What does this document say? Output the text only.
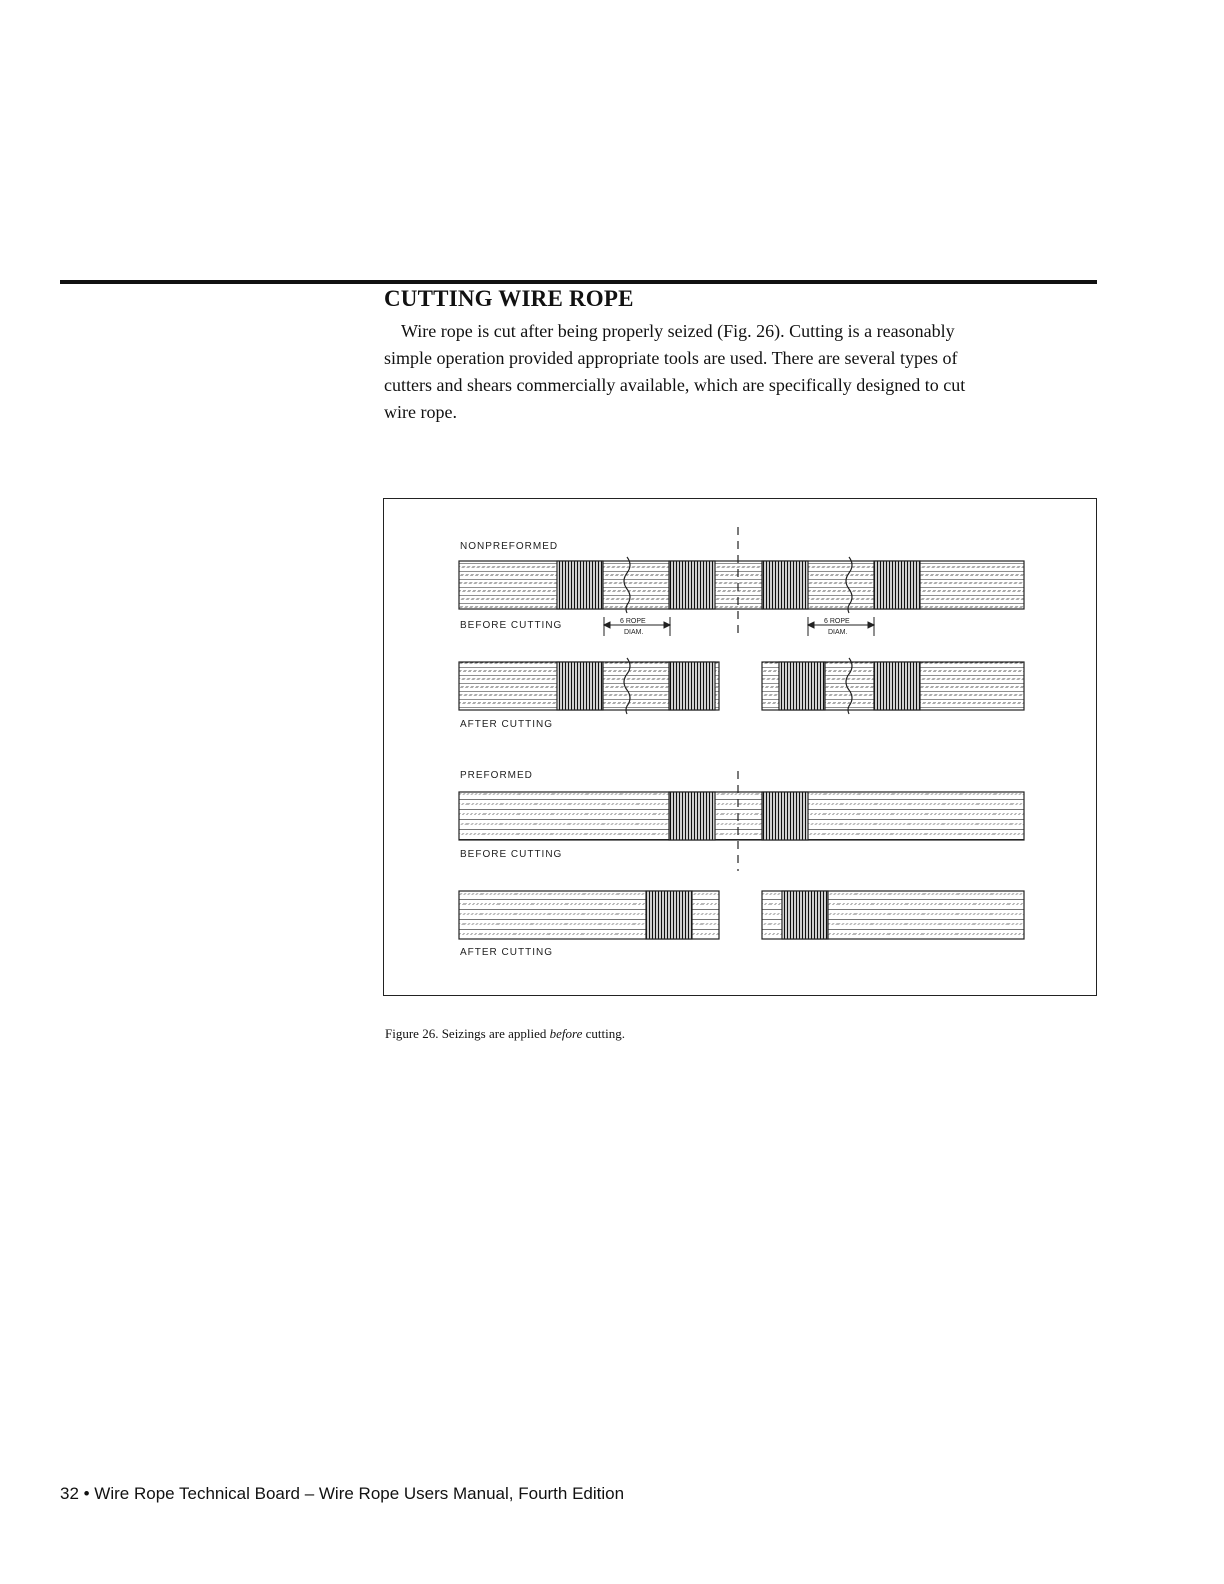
CUTTING WIRE ROPE

Wire rope is cut after being properly seized (Fig. 26). Cutting is a reasonably
simple operation provided appropriate tools are used. There are several types of
cutters and shears commercially available, which are specifically designed to cut
wire rope.

NONPREFORMED
BEFORE CUTTING	6 ROPE
DIAM.
6 ROPE
DIAM.
AFTER CUTTING
PREFORMED
BEFORE CUTTING
AFTER CUTTING

Figure 26. Seizings are applied before cutting.

32 • Wire Rope Technical Board – Wire Rope Users Manual, Fourth Edition
